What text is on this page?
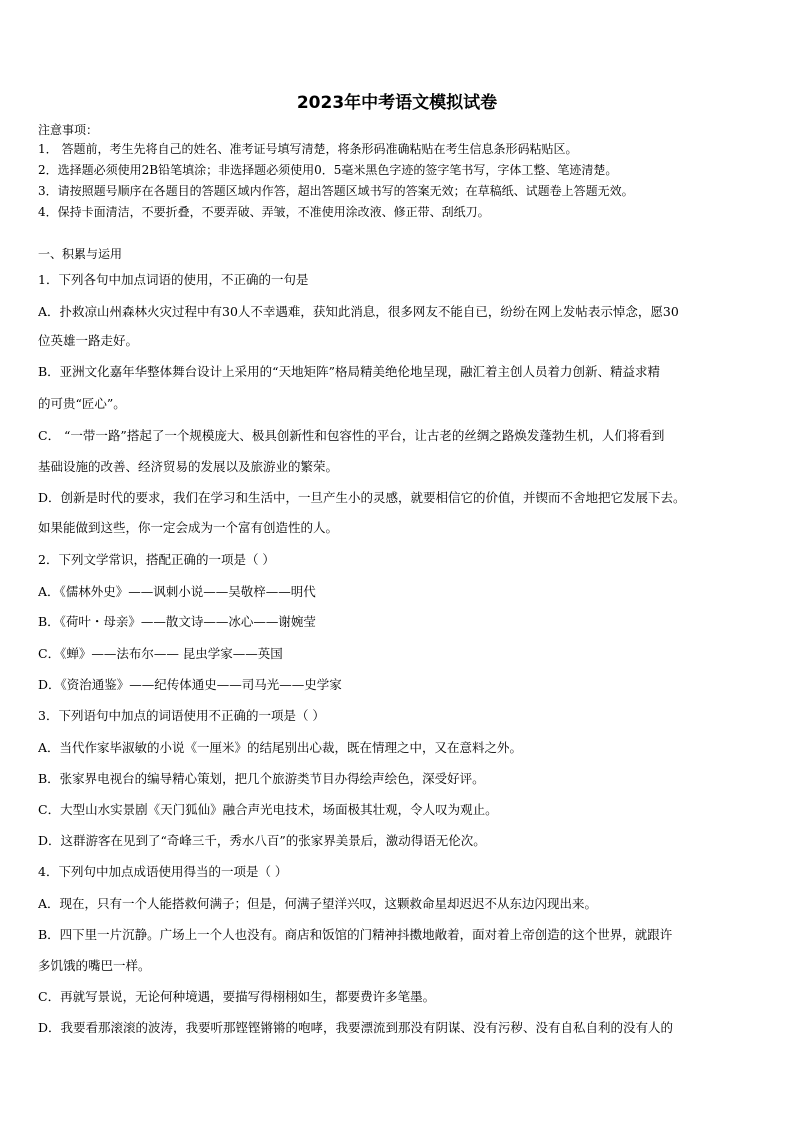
2023年中考语文模拟试卷
注意事项：
1． 答题前，考生先将自己的姓名、准考证号填写清楚，将条形码准确粘贴在考生信息条形码粘贴区。
2．选择题必须使用2B铅笔填涂；非选择题必须使用0．5毫米黑色字迹的签字笔书写，字体工整、笔迹清楚。
3．请按照题号顺序在各题目的答题区域内作答，超出答题区域书写的答案无效；在草稿纸、试题卷上答题无效。
4．保持卡面清洁，不要折叠，不要弄破、弄皱，不准使用涂改液、修正带、刮纸刀。
一、积累与运用
1．下列各句中加点词语的使用，不正确的一句是
A．扑救凉山州森林火灾过程中有30人不幸遇难，获知此消息，很多网友不能自已，纷纷在网上发帖表示悼念，愿30
位英雄一路走好。
B．亚洲文化嘉年华整体舞台设计上采用的“天地矩阵”格局精美绝伦地呈现，融汇着主创人员着力创新、精益求精
的可贵“匠心”。
C． “一带一路”搭起了一个规模庞大、极具创新性和包容性的平台，让古老的丝绸之路焕发蓬勃生机，人们将看到
基础设施的改善、经济贸易的发展以及旅游业的繁荣。
D．创新是时代的要求，我们在学习和生活中，一旦产生小的灵感，就要相信它的价值，并锲而不舍地把它发展下去。
如果能做到这些，你一定会成为一个富有创造性的人。
2．下列文学常识，搭配正确的一项是（ ）
A．《儒林外史》——讽刺小说——吴敬梓——明代
B．《荷叶・母亲》——散文诗——冰心——谢婉莹
C．《蝉》——法布尔—— 昆虫学家——英国
D．《资治通鉴》——纪传体通史——司马光——史学家
3．下列语句中加点的词语使用不正确的一项是（ ）
A．当代作家毕淑敏的小说《一厘米》的结尾别出心裁，既在情理之中，又在意料之外。
B．张家界电视台的编导精心策划，把几个旅游类节目办得绘声绘色，深受好评。
C．大型山水实景剧《天门狐仙》融合声光电技术，场面极其壮观，令人叹为观止。
D．这群游客在见到了“奇峰三千，秀水八百”的张家界美景后，激动得语无伦次。
4．下列句中加点成语使用得当的一项是（ ）
A．现在，只有一个人能搭救何满子；但是，何满子望洋兴叹，这颗救命星却迟迟不从东边闪现出来。
B．四下里一片沉静。广场上一个人也没有。商店和饭馆的门精神抖擞地敞着，面对着上帝创造的这个世界，就跟许
多饥饿的嘴巴一样。
C．再就写景说，无论何种境遇，要描写得栩栩如生，都要费许多笔墨。
D．我要看那滚滚的波涛，我要听那铿铿锵锵的咆哮，我要漂流到那没有阴谋、没有污秽、没有自私自利的没有人的
